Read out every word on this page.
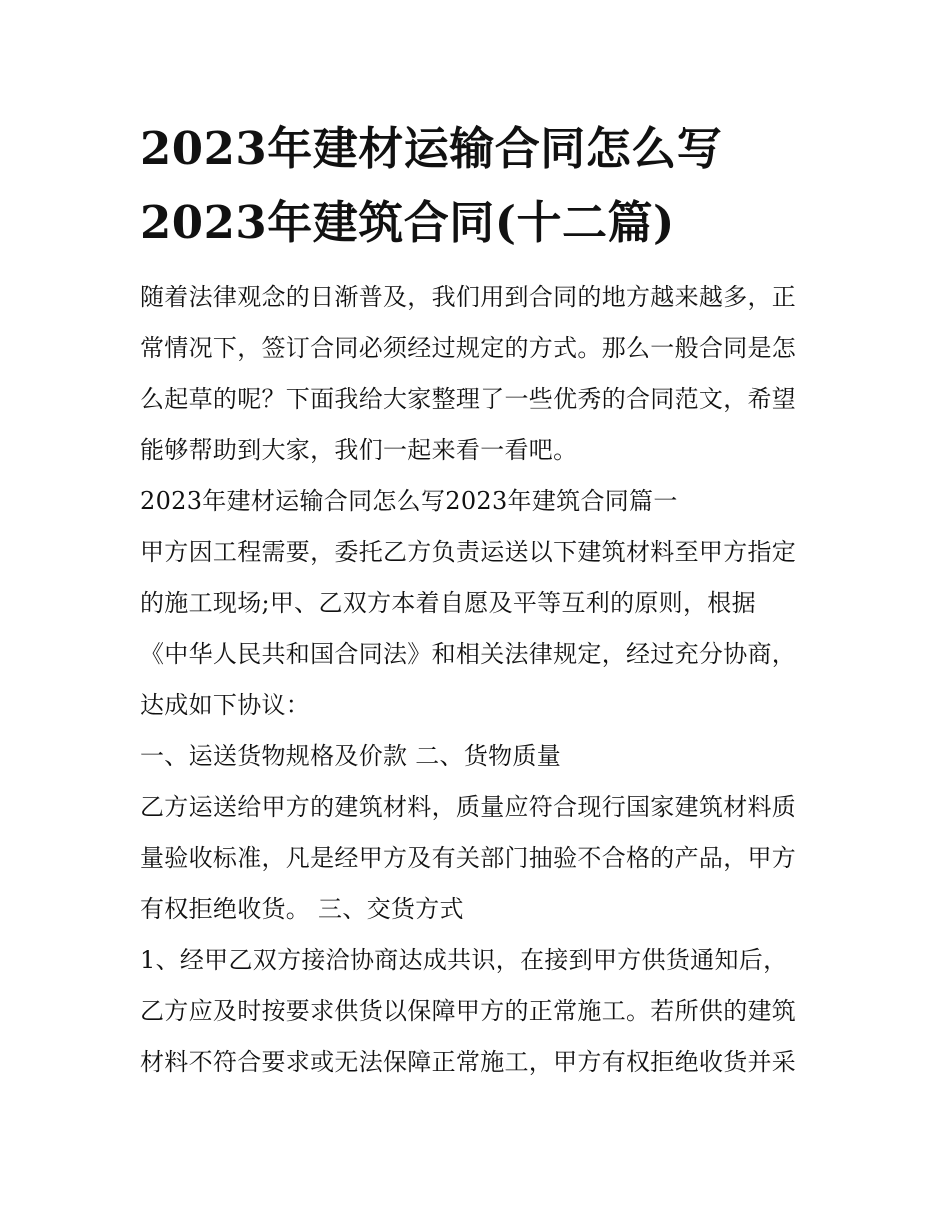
2023年建材运输合同怎么写
2023年建筑合同(十二篇)

随着法律观念的日渐普及，我们用到合同的地方越来越多，正

常情况下，签订合同必须经过规定的方式。那么一般合同是怎

么起草的呢？下面我给大家整理了一些优秀的合同范文，希望

能够帮助到大家，我们一起来看一看吧。

2023年建材运输合同怎么写2023年建筑合同篇一

甲方因工程需要，委托乙方负责运送以下建筑材料至甲方指定

的施工现场;甲、乙双方本着自愿及平等互利的原则，根据

《中华人民共和国合同法》和相关法律规定，经过充分协商，

达成如下协议：

一、运送货物规格及价款 二、货物质量

乙方运送给甲方的建筑材料，质量应符合现行国家建筑材料质

量验收标准，凡是经甲方及有关部门抽验不合格的产品，甲方

有权拒绝收货。 三、交货方式

1、经甲乙双方接洽协商达成共识，在接到甲方供货通知后，

乙方应及时按要求供货以保障甲方的正常施工。若所供的建筑

材料不符合要求或无法保障正常施工，甲方有权拒绝收货并采
